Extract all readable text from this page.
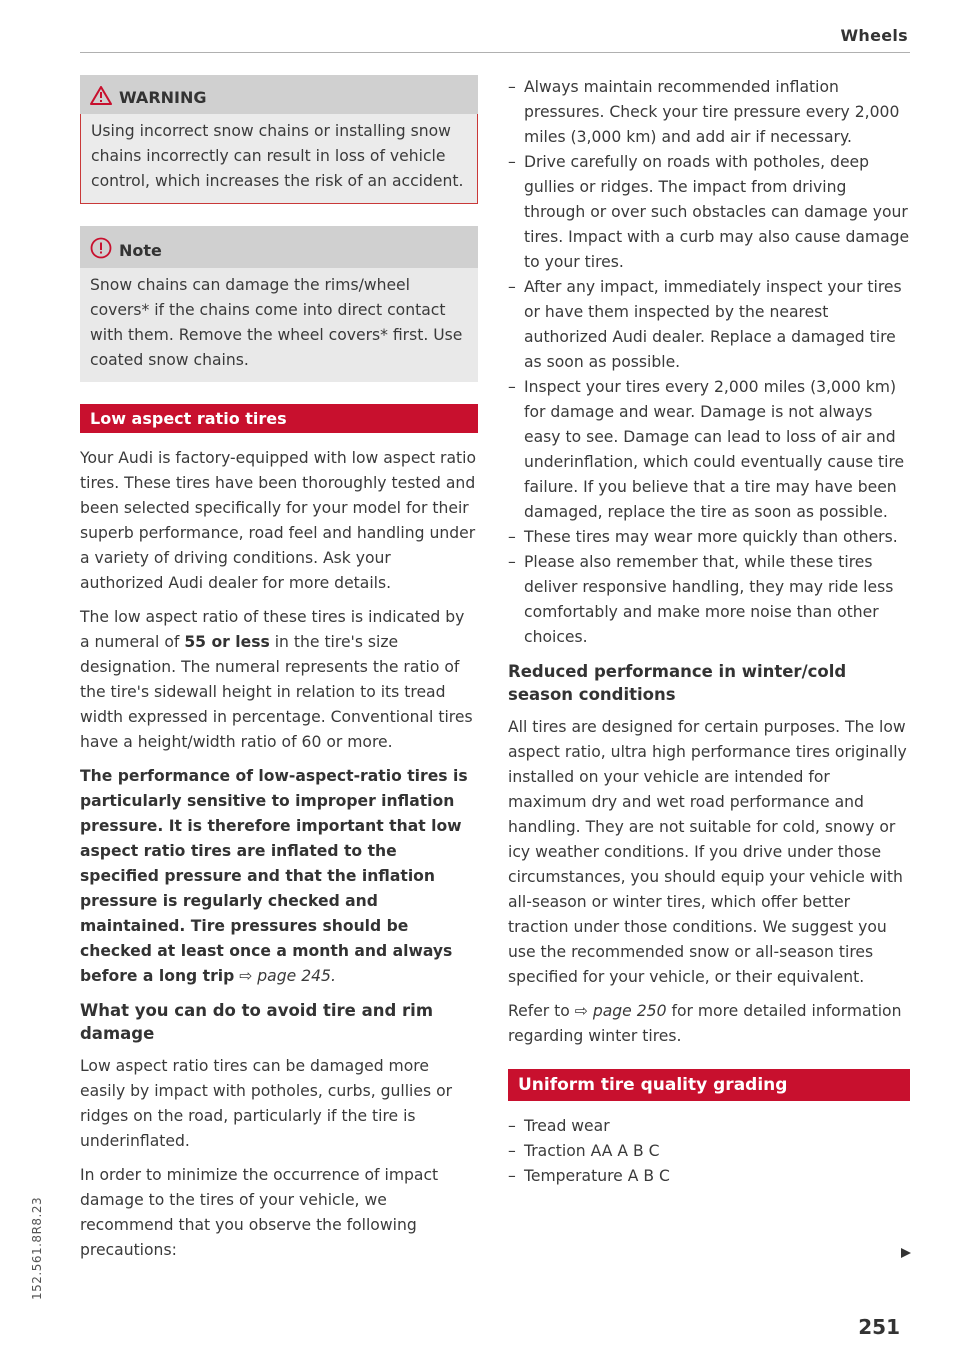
Wheels
152.561.8R8.23
WARNING

Using incorrect snow chains or installing snow chains incorrectly can result in loss of vehicle control, which increases the risk of an accident.

Note

Snow chains can damage the rims/wheel covers* if the chains come into direct contact with them. Remove the wheel covers* first. Use coated snow chains.

Low aspect ratio tires

Your Audi is factory-equipped with low aspect ratio tires. These tires have been thoroughly tested and been selected specifically for your model for their superb performance, road feel and handling under a variety of driving conditions. Ask your authorized Audi dealer for more details.

The low aspect ratio of these tires is indicated by a numeral of 55 or less in the tire's size designation. The numeral represents the ratio of the tire's sidewall height in relation to its tread width expressed in percentage. Conventional tires have a height/width ratio of 60 or more.

The performance of low-aspect-ratio tires is particularly sensitive to improper inflation pressure. It is therefore important that low aspect ratio tires are inflated to the specified pressure and that the inflation pressure is regularly checked and maintained. Tire pressures should be checked at least once a month and always before a long trip ⇨ page 245.

What you can do to avoid tire and rim damage

Low aspect ratio tires can be damaged more easily by impact with potholes, curbs, gullies or ridges on the road, particularly if the tire is underinflated.

In order to minimize the occurrence of impact damage to the tires of your vehicle, we recommend that you observe the following precautions:

– Always maintain recommended inflation pressures. Check your tire pressure every 2,000 miles (3,000 km) and add air if necessary.
– Drive carefully on roads with potholes, deep gullies or ridges. The impact from driving through or over such obstacles can damage your tires. Impact with a curb may also cause damage to your tires.
– After any impact, immediately inspect your tires or have them inspected by the nearest authorized Audi dealer. Replace a damaged tire as soon as possible.
– Inspect your tires every 2,000 miles (3,000 km) for damage and wear. Damage is not always easy to see. Damage can lead to loss of air and underinflation, which could eventually cause tire failure. If you believe that a tire may have been damaged, replace the tire as soon as possible.
– These tires may wear more quickly than others.
– Please also remember that, while these tires deliver responsive handling, they may ride less comfortably and make more noise than other choices.
Reduced performance in winter/cold season conditions

All tires are designed for certain purposes. The low aspect ratio, ultra high performance tires originally installed on your vehicle are intended for maximum dry and wet road performance and handling. They are not suitable for cold, snowy or icy weather conditions. If you drive under those circumstances, you should equip your vehicle with all-season or winter tires, which offer better traction under those conditions. We suggest you use the recommended snow or all-season tires specified for your vehicle, or their equivalent.

Refer to ⇨ page 250 for more detailed information regarding winter tires.

Uniform tire quality grading
– Tread wear
– Traction AA A B C
– Temperature A B C
251
